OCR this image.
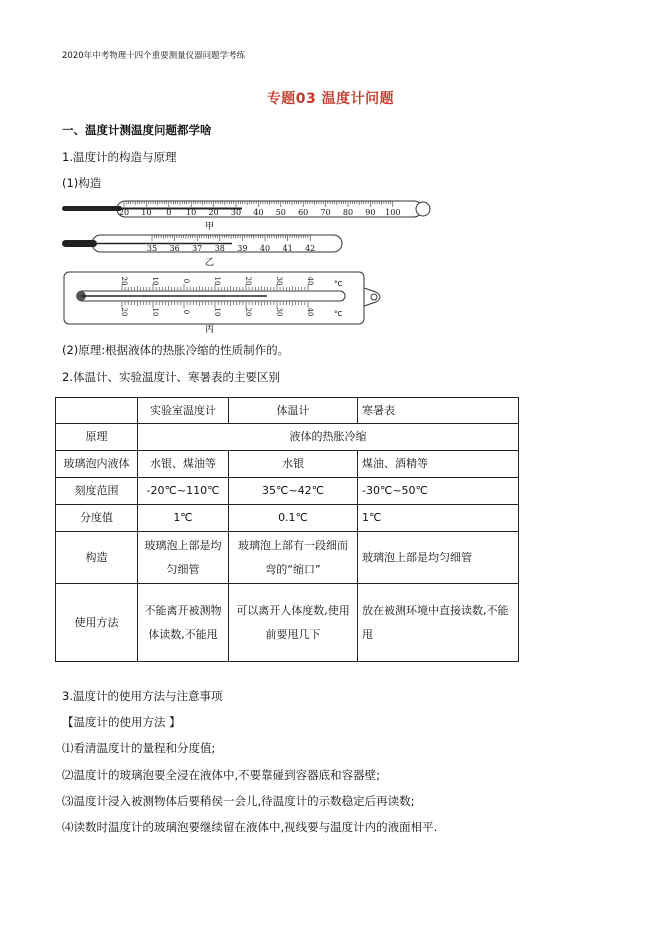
2020年中考物理十四个重要测量仪器问题学考练
专题03 温度计问题
一、温度计测温度问题都学啥
1.温度计的构造与原理
(1)构造
20 10 0 10 20 30 40 50 60 70 80 90 100
甲
35 36 37 38 39 40 41 42
乙
20	10	0	10	20	30	40
20	10	0	10	20	30	40
°C
°C
丙
(2)原理:根据液体的热胀冷缩的性质制作的。
2.体温计、实验温度计、寒暑表的主要区别
	实验室温度计	体温计	寒暑表
原理	液体的热胀冷缩		
玻璃泡内液体	水银、煤油等	水银	煤油、酒精等
刻度范围	-20℃~110℃	35℃~42℃	-30℃~50℃
分度值	1℃	0.1℃	1℃
构造	玻璃泡上部是均匀细管	玻璃泡上部有一段细而弯的“缩口”	玻璃泡上部是均匀细管
使用方法	不能离开被测物体读数,不能甩	可以离开人体度数,使用前要甩几下	放在被测环境中直接读数,不能甩
3.温度计的使用方法与注意事项
【温度计的使用方法 】
⑴看清温度计的量程和分度值;
⑵温度计的玻璃泡要全浸在液体中,不要靠碰到容器底和容器壁;
⑶温度计浸入被测物体后要稍侯一会儿,待温度计的示数稳定后再读数;
⑷读数时温度计的玻璃泡要继续留在液体中,视线要与温度计内的液面相平.
